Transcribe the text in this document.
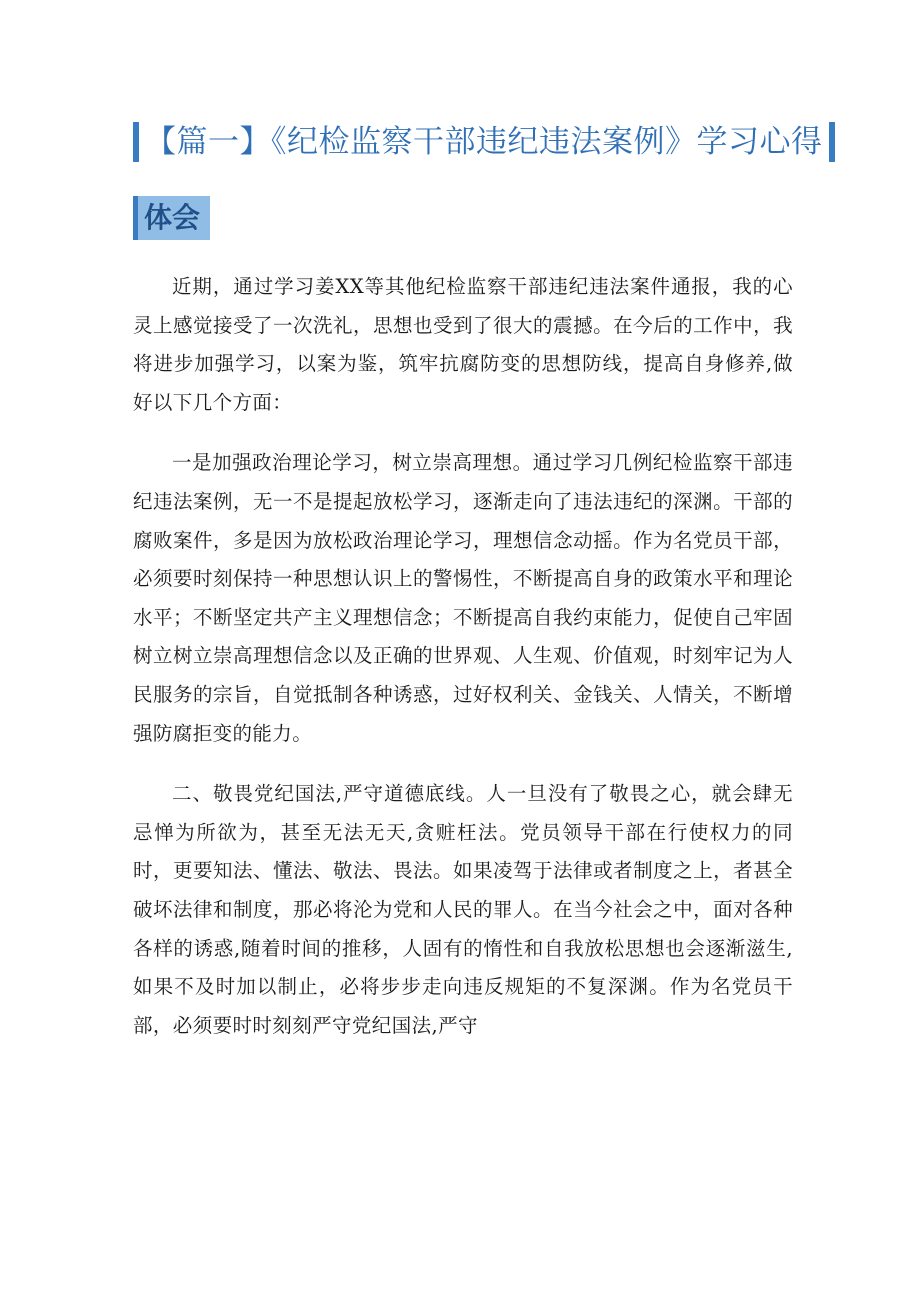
【篇一】《纪检监察干部违纪违法案例》学习心得
体会

近期，通过学习姜XX等其他纪检监察干部违纪违法案件通报，我的心灵上感觉接受了一次洗礼，思想也受到了很大的震撼。在今后的工作中，我将进步加强学习，以案为鉴，筑牢抗腐防变的思想防线，提高自身修养,做好以下几个方面：

一是加强政治理论学习，树立崇高理想。通过学习几例纪检监察干部违纪违法案例，无一不是提起放松学习，逐渐走向了违法违纪的深渊。干部的腐败案件，多是因为放松政治理论学习，理想信念动摇。作为名党员干部，必须要时刻保持一种思想认识上的警惕性，不断提高自身的政策水平和理论水平；不断坚定共产主义理想信念；不断提高自我约束能力，促使自己牢固树立树立崇高理想信念以及正确的世界观、人生观、价值观，时刻牢记为人民服务的宗旨，自觉抵制各种诱惑，过好权利关、金钱关、人情关，不断增强防腐拒变的能力。

二、敬畏党纪国法,严守道德底线。人一旦没有了敬畏之心，就会肆无忌惮为所欲为，甚至无法无天,贪赃枉法。党员领导干部在行使权力的同时，更要知法、懂法、敬法、畏法。如果凌驾于法律或者制度之上，者甚全破坏法律和制度，那必将沦为党和人民的罪人。在当今社会之中，面对各种各样的诱惑,随着时间的推移，人固有的惰性和自我放松思想也会逐渐滋生,如果不及时加以制止，必将步步走向违反规矩的不复深渊。作为名党员干部，必须要时时刻刻严守党纪国法,严守
